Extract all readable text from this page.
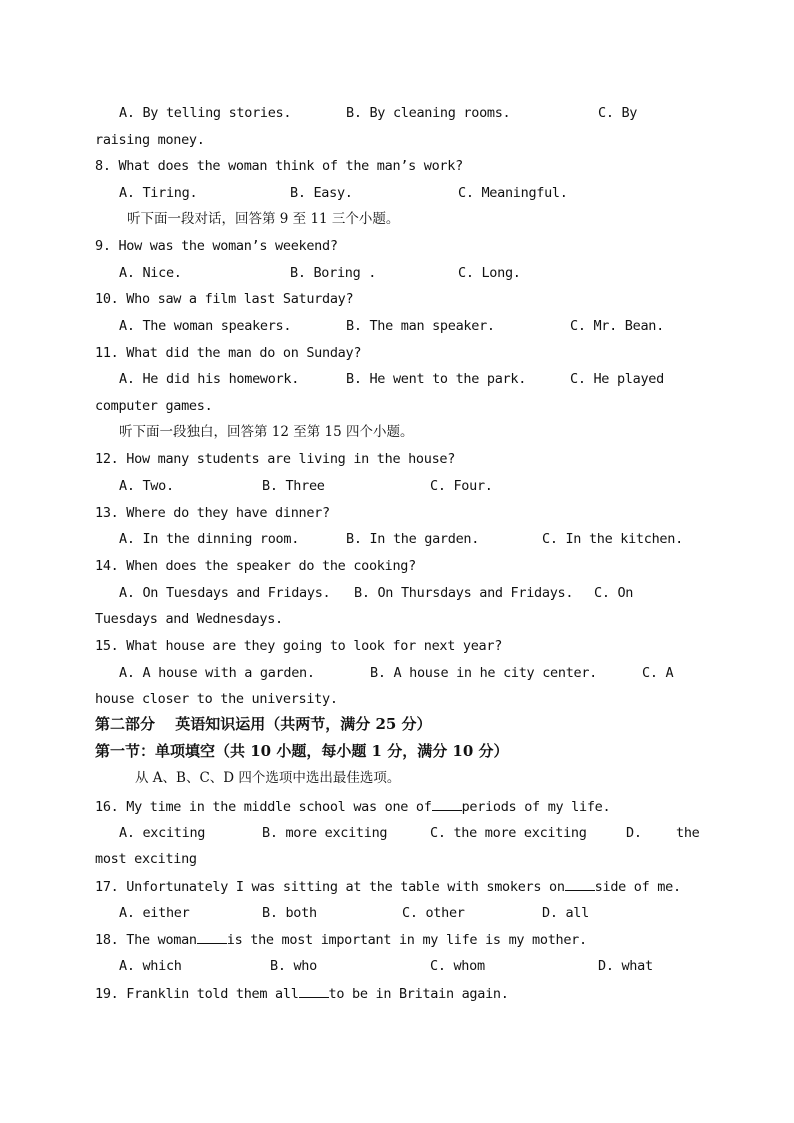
A. By telling stories.	B. By cleaning rooms.	C. By
raising money.
8. What does the woman think of the man’s work?
A. Tiring.	B. Easy.	C. Meaningful.
听下面一段对话，回答第 9 至 11 三个小题。
9. How was the woman’s weekend?
A. Nice.	B. Boring .	C. Long.
10. Who saw a film last Saturday?
A. The woman speakers.	B. The man speaker.	C. Mr. Bean.
11. What did the man do on Sunday?
A. He did his homework.	B. He went to the park.	C. He played
computer games.
听下面一段独白，回答第 12 至第 15 四个小题。
12. How many students are living in the house?
A. Two.	B. Three	C. Four.
13. Where do they have dinner?
A. In the dinning room.	B. In the garden.	C. In the kitchen.
14. When does the speaker do the cooking?
A. On Tuesdays and Fridays. B. On Thursdays and Fridays. C. On
Tuesdays and Wednesdays.
15. What house are they going to look for next year?
A. A house with a garden.	B. A house in he city center.	C. A
house closer to the university.
第二部分　 英语知识运用（共两节，满分 25 分）
第一节：单项填空（共 10 小题，每小题 1 分，满分 10 分）
从 A、B、C、D 四个选项中选出最佳选项。
16. My time in the middle school was one of periods of my life.
A. exciting	B. more exciting	C. the more exciting	D.	the
most exciting
17. Unfortunately I was sitting at the table with smokers on side of me.
A. either	B. both	C. other	D. all
18. The woman is the most important in my life is my mother.
A. which	B. who	C. whom	D. what
19. Franklin told them all to be in Britain again.
